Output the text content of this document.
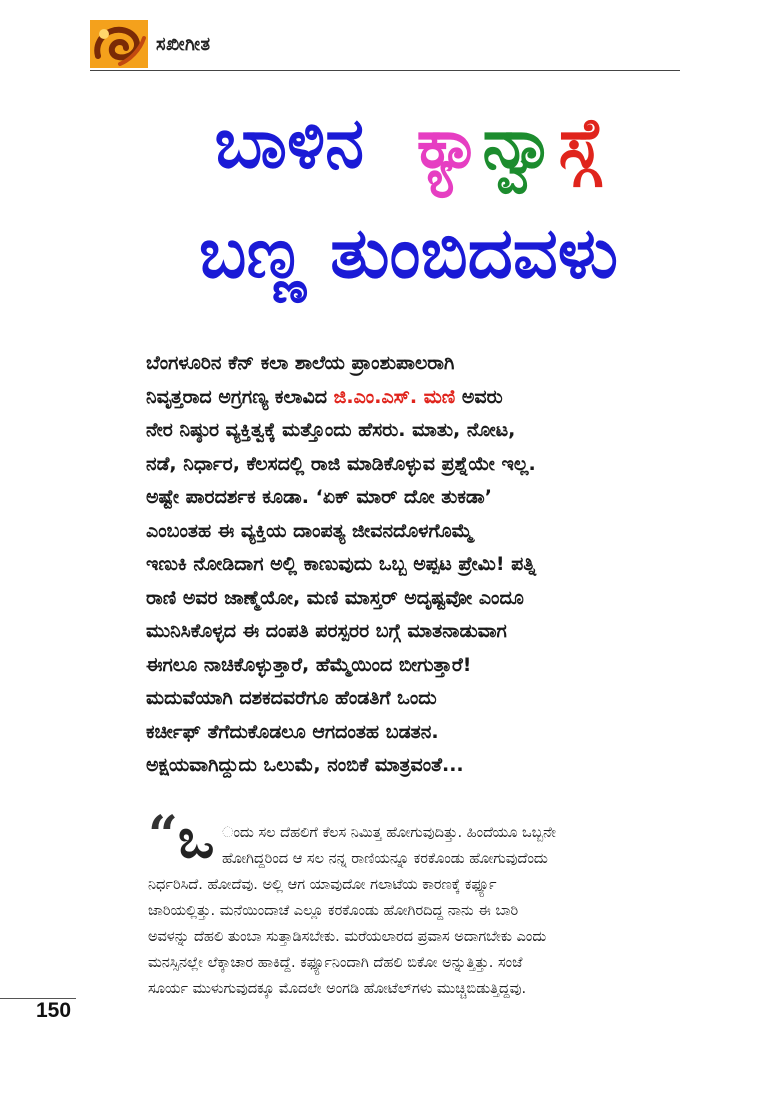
ಸಖೀಗೀತ
ಬಾಳಿನ ಕ್ಯಾನ್ವಾಸ್
ಬಣ್ಣ ತುಂಬಿದವಳು
ಬೆಂಗಳೂರಿನ ಕೆನ್ ಕಲಾ ಶಾಲೆಯ ಪ್ರಾಂಶುಪಾಲರಾಗಿ
ನಿವೃತ್ತರಾದ ಅಗ್ರಗಣ್ಯ ಕಲಾವಿದ ಜಿ.ಎಂ.ಎಸ್. ಮಣಿ ಅವರು
ನೇರ ನಿಷ್ಠುರ ವ್ಯಕ್ತಿತ್ವಕ್ಕೆ ಮತ್ತೊಂದು ಹೆಸರು. ಮಾತು, ನೋಟ,
ನಡೆ, ನಿರ್ಧಾರ, ಕೆಲಸದಲ್ಲಿ ರಾಜಿ ಮಾಡಿಕೊಳ್ಳುವ ಪ್ರಶ್ನೆಯೇ ಇಲ್ಲ.
ಅಷ್ಟೇ ಪಾರದರ್ಶಕ ಕೂಡಾ. ‘ಏಕ್ ಮಾರ್ ದೋ ತುಕಡಾ’
ಎಂಬಂತಹ ಈ ವ್ಯಕ್ತಿಯ ದಾಂಪತ್ಯ ಜೀವನದೊಳಗೊಮ್ಮೆ
ಇಣುಕಿ ನೋಡಿದಾಗ ಅಲ್ಲಿ ಕಾಣುವುದು ಒಬ್ಬ ಅಪ್ಪಟ ಪ್ರೇಮಿ! ಪತ್ನಿ
ರಾಣಿ ಅವರ ಜಾಣ್ಮೆಯೋ, ಮಣಿ ಮಾಸ್ತರ್ ಅದೃಷ್ಟವೋ ಎಂದೂ
ಮುನಿಸಿಕೊಳ್ಳದ ಈ ದಂಪತಿ ಪರಸ್ಪರರ ಬಗ್ಗೆ ಮಾತನಾಡುವಾಗ
ಈಗಲೂ ನಾಚಿಕೊಳ್ಳುತ್ತಾರೆ, ಹೆಮ್ಮೆಯಿಂದ ಬೀಗುತ್ತಾರೆ!
ಮದುವೆಯಾಗಿ ದಶಕದವರೆಗೂ ಹೆಂಡತಿಗೆ ಒಂದು
ಕರ್ಚೀಫ್ ತೆಗೆದುಕೊಡಲೂ ಆಗದಂತಹ ಬಡತನ.
ಅಕ್ಷಯವಾಗಿದ್ದುದು ಒಲುಮೆ, ನಂಬಿಕೆ ಮಾತ್ರವಂತೆ...
“ ಒ ಂದು ಸಲ ದೆಹಲಿಗೆ ಕೆಲಸ ನಿಮಿತ್ತ ಹೋಗುವುದಿತ್ತು. ಹಿಂದೆಯೂ ಒಬ್ಬನೇ
ಹೋಗಿದ್ದರಿಂದ ಆ ಸಲ ನನ್ನ ರಾಣಿಯನ್ನೂ ಕರಕೊಂಡು ಹೋಗುವುದೆಂದು
ನಿರ್ಧರಿಸಿದೆ. ಹೋದೆವು. ಅಲ್ಲಿ ಆಗ ಯಾವುದೋ ಗಲಾಟೆಯ ಕಾರಣಕ್ಕೆ ಕರ್ಫ್ಯೂ
ಜಾರಿಯಲ್ಲಿತ್ತು. ಮನೆಯಿಂದಾಚೆ ಎಲ್ಲೂ ಕರಕೊಂಡು ಹೋಗಿರದಿದ್ದ ನಾನು ಈ ಬಾರಿ
ಅವಳನ್ನು ದೆಹಲಿ ತುಂಬಾ ಸುತ್ತಾಡಿಸಬೇಕು. ಮರೆಯಲಾರದ ಪ್ರವಾಸ ಅದಾಗಬೇಕು ಎಂದು
ಮನಸ್ಸಿನಲ್ಲೇ ಲೆಕ್ಕಾಚಾರ ಹಾಕಿದ್ದೆ. ಕರ್ಫ್ಯೂನಿಂದಾಗಿ ದೆಹಲಿ ಬಿಕೋ ಅನ್ನುತ್ತಿತ್ತು. ಸಂಜೆ
ಸೂರ್ಯ ಮುಳುಗುವುದಕ್ಕೂ ಮೊದಲೇ ಅಂಗಡಿ ಹೋಟೆಲ್‌ಗಳು ಮುಚ್ಚಿಬಿಡುತ್ತಿದ್ದವು.
150
